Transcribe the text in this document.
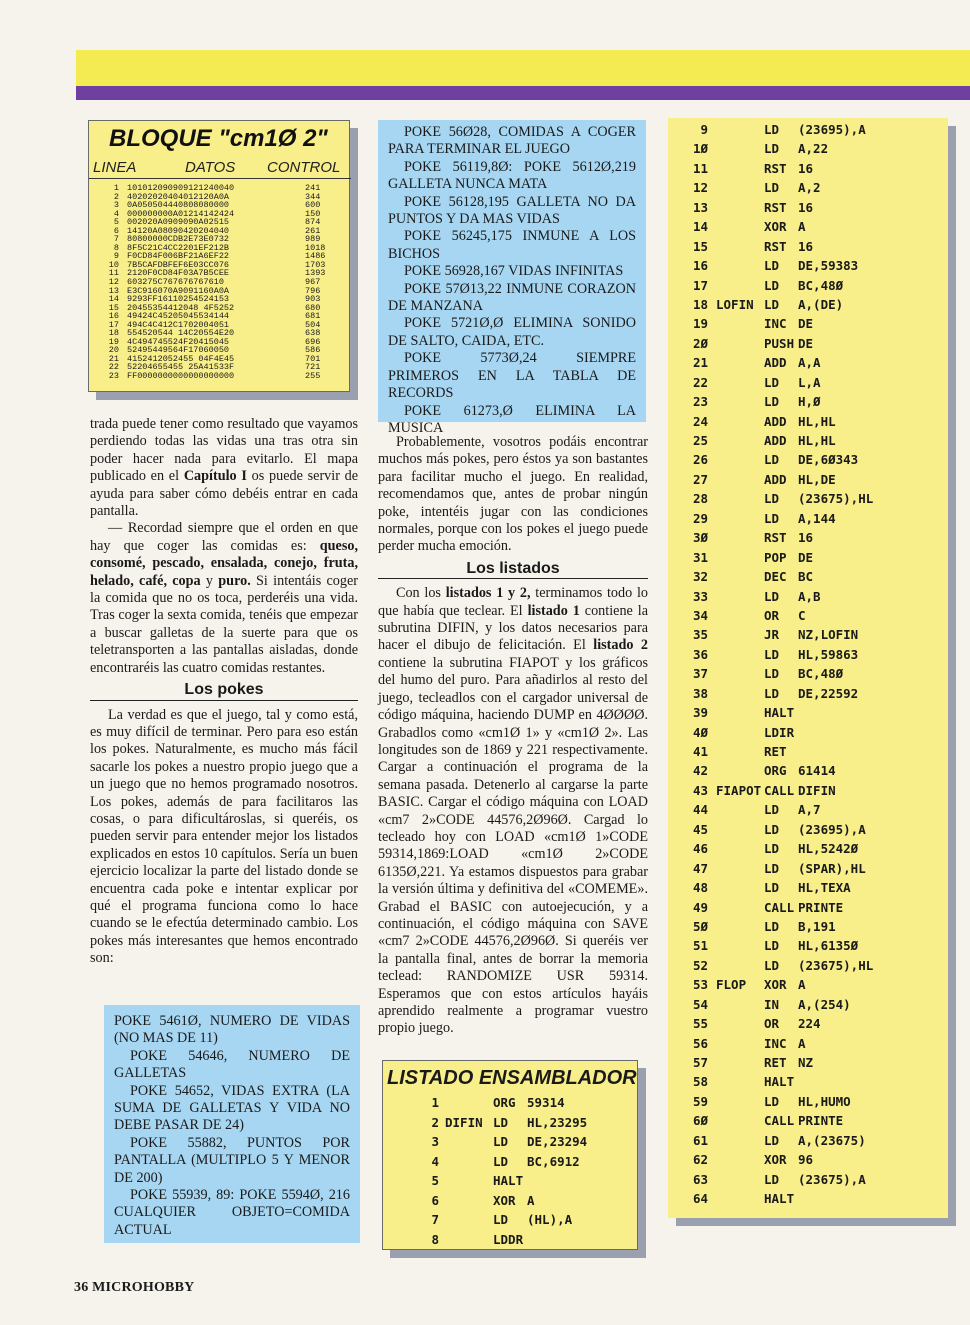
BLOQUE "cm1Ø 2"
LINEA	DATOS CONTROL
1 101012090909121240040	241
2 40202020404012120A0A	344
3 0A050504440808080000	600
4 000000000A01214142424	150
5 002020A0909090A02515	874
6 14120A08090420204040	261
7 80800000CDB2E73E0732	989
8 8F5C21C4CC2201EF212B	1018
9 F0CD84F006BF21A6EF22	1486
10 7B5CAFDBFEF6E03CC076	1703
11 2120F0CD84F03A7B5CEE	1393
12 603275C767676767610	967
13 E3C916070A9091160A0A	796
14 9293FF16110254524153	903
15 20455354412048 4F5252	680
16 49424C45205045534144	681
17 494C4C412C1702004051	504
18 554520544 14C20554E20	638
19 4C494745524F20415045	696
20 52495449564F17060050	586
21 4152412052455 04F4E45	701
22 52204655455 25A41533F	721
23 FF0000000000000000000	255

trada puede tener como resultado que vayamos perdiendo todas las vidas una tras otra sin poder hacer nada para evitarlo. El mapa publicado en el Capítulo I os puede servir de ayuda para saber cómo debéis entrar en cada pantalla.

— Recordad siempre que el orden en que hay que coger las comidas es: queso, consomé, pescado, ensalada, conejo, fruta, helado, café, copa y puro. Si intentáis coger la comida que no os toca, perderéis una vida. Tras coger la sexta comida, tenéis que empezar a buscar galletas de la suerte para que os teletransporten a las pantallas aisladas, donde encontraréis las cuatro comidas restantes.

Los pokes

La verdad es que el juego, tal y como está, es muy difícil de terminar. Pero para eso están los pokes. Naturalmente, es mucho más fácil sacarle los pokes a nuestro propio juego que a un juego que no hemos programado nosotros. Los pokes, además de para facilitaros las cosas, o para dificultároslas, si queréis, os pueden servir para entender mejor los listados explicados en estos 10 capítulos. Sería un buen ejercicio localizar la parte del listado donde se encuentra cada poke e intentar explicar por qué el programa funciona como lo hace cuando se le efectúa determinado cambio. Los pokes más interesantes que hemos encontrado son:

POKE 5461Ø, NUMERO DE VIDAS (NO MAS DE 11)

POKE 54646, NUMERO DE GALLETAS

POKE 54652, VIDAS EXTRA (LA SUMA DE GALLETAS Y VIDA NO DEBE PASAR DE 24)

POKE 55882, PUNTOS POR PANTALLA (MULTIPLO 5 Y MENOR DE 200)

POKE 55939, 89: POKE 5594Ø, 216 CUALQUIER OBJETO=COMIDA ACTUAL

POKE 56Ø28, COMIDAS A COGER PARA TERMINAR EL JUEGO

POKE 56119,8Ø: POKE 5612Ø,219 GALLETA NUNCA MATA

POKE 56128,195 GALLETA NO DA PUNTOS Y DA MAS VIDAS

POKE 56245,175 INMUNE A LOS BICHOS

POKE 56928,167 VIDAS INFINITAS

POKE 57Ø13,22 INMUNE CORAZON DE MANZANA

POKE 5721Ø,Ø ELIMINA SONIDO DE SALTO, CAIDA, ETC.

POKE 5773Ø,24 SIEMPRE PRIMEROS EN LA TABLA DE RECORDS

POKE 61273,Ø ELIMINA LA MUSICA

Probablemente, vosotros podáis encontrar muchos más pokes, pero éstos ya son bastantes para facilitar mucho el juego. En realidad, recomendamos que, antes de probar ningún poke, intentéis jugar con las condiciones normales, porque con los pokes el juego puede perder mucha emoción.

Los listados

Con los listados 1 y 2, terminamos todo lo que había que teclear. El listado 1 contiene la subrutina DIFIN, y los datos necesarios para hacer el dibujo de felicitación. El listado 2 contiene la subrutina FIAPOT y los gráficos del humo del puro. Para añadirlos al resto del juego, tecleadlos con el cargador universal de código máquina, haciendo DUMP en 4ØØØØ. Grabadlos como «cm1Ø 1» y «cm1Ø 2». Las longitudes son de 1869 y 221 respectivamente. Cargar a continuación el programa de la semana pasada. Detenerlo al cargarse la parte BASIC. Cargar el código máquina con LOAD «cm7 2»CODE 44576,2Ø96Ø. Cargad lo tecleado hoy con LOAD «cm1Ø 1»CODE 59314,1869:LOAD «cm1Ø 2»CODE 6135Ø,221. Ya estamos dispuestos para grabar la versión última y definitiva del «COMEME». Grabad el BASIC con autoejecución, y a continuación, el código máquina con SAVE «cm7 2»CODE 44576,2Ø96Ø. Si queréis ver la pantalla final, antes de borrar la memoria teclead: RANDOMIZE USR 59314. Esperamos que con estos artículos hayáis aprendido realmente a programar vuestro propio juego.

LISTADO ENSAMBLADOR
1	ORG 59314
2 DIFIN LD HL,23295
3	LD DE,23294
4	LD BC,6912
5	HALT
6	XOR A
7	LD (HL),A
8	LDDR
9	LD (23695),A
1Ø	LD A,22
11	RST 16
12	LD A,2
13	RST 16
14	XOR A
15	RST 16
16	LD DE,59383
17	LD BC,48Ø
18 LOFIN LD A,(DE)
19	INC DE
2Ø	PUSH DE
21	ADD A,A
22	LD L,A
23	LD H,Ø
24	ADD HL,HL
25	ADD HL,HL
26	LD DE,6Ø343
27	ADD HL,DE
28	LD (23675),HL
29	LD A,144
3Ø	RST 16
31	POP DE
32	DEC BC
33	LD A,B
34	OR C
35	JR NZ,LOFIN
36	LD HL,59863
37	LD BC,48Ø
38	LD DE,22592
39	HALT
4Ø	LDIR
41	RET
42	ORG 61414
43 FIAPOT CALL DIFIN
44	LD A,7
45	LD (23695),A
46	LD HL,5242Ø
47	LD (SPAR),HL
48	LD HL,TEXA
49	CALL PRINTE
5Ø	LD B,191
51	LD HL,6135Ø
52	LD (23675),HL
53 FLOP XOR A
54	IN A,(254)
55	OR 224
56	INC A
57	RET NZ
58	HALT
59	LD HL,HUMO
6Ø	CALL PRINTE
61	LD A,(23675)
62	XOR 96
63	LD (23675),A
64	HALT
36 MICROHOBBY
